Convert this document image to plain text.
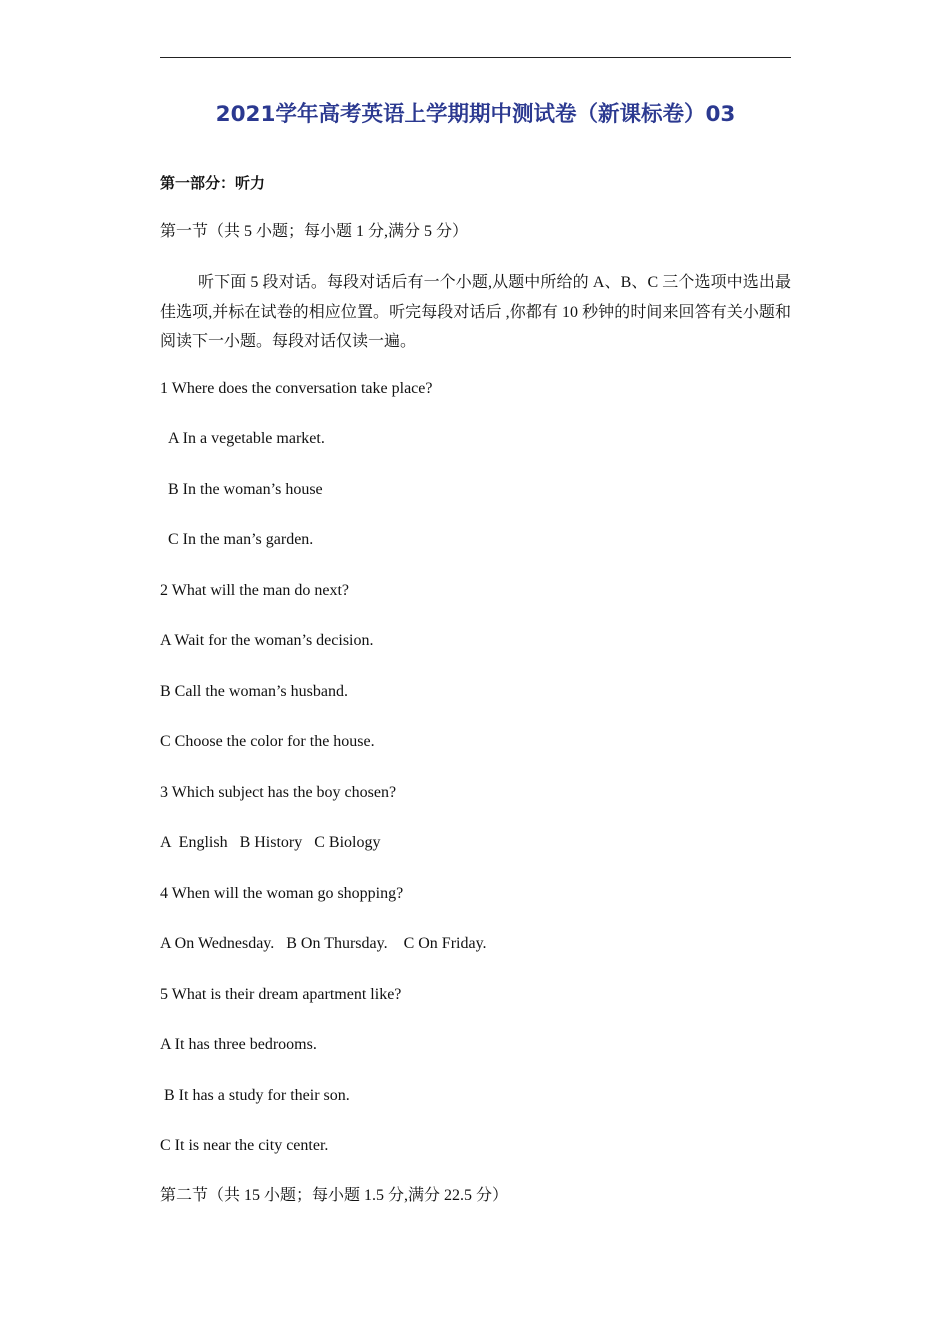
2021学年高考英语上学期期中测试卷（新课标卷）03
第一部分：听力
第一节（共 5 小题；每小题 1 分,满分 5 分）
听下面 5 段对话。每段对话后有一个小题,从题中所给的 A、B、C 三个选项中选出最佳选项,并标在试卷的相应位置。听完每段对话后 ,你都有 10 秒钟的时间来回答有关小题和阅读下一小题。每段对话仅读一遍。
1 Where does the conversation take place?
A In a vegetable market.
B In the woman’s house
C In the man’s garden.
2 What will the man do next?
A Wait for the woman’s decision.
B Call the woman’s husband.
C Choose the color for the house.
3 Which subject has the boy chosen?
A  English   B History   C Biology
4 When will the woman go shopping?
A On Wednesday.   B On Thursday.    C On Friday.
5 What is their dream apartment like?
A It has three bedrooms.
B It has a study for their son.
C It is near the city center.
第二节（共 15 小题；每小题 1.5 分,满分 22.5 分）
